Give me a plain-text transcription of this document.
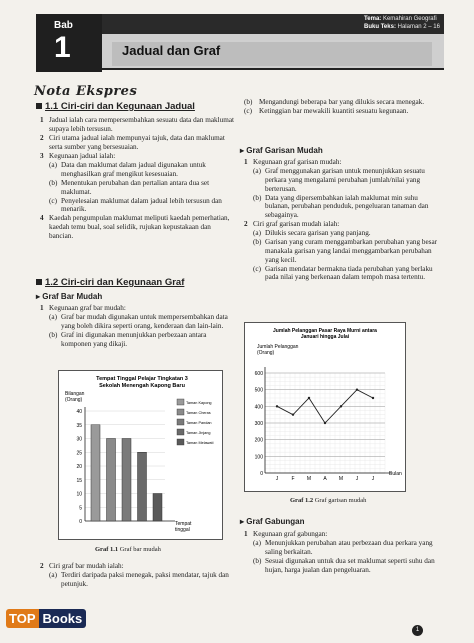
Bab
1
Tema: Kemahiran Geografi
Buku Teks: Halaman 2 – 16
Jadual dan Graf
Nota Ekspres
1.1 Ciri-ciri dan Kegunaan Jadual
1 Jadual ialah cara mempersembahkan sesuatu data dan maklumat supaya lebih tersusun.
2 Ciri utama jadual ialah mempunyai tajuk, data dan maklumat serta sumber yang bersesuaian.
3 Kegunaan jadual ialah:
(a) Data dan maklumat dalam jadual digunakan untuk menghasilkan graf mengikut kesesuaian.
(b) Menentukan perubahan dan pertalian antara dua set maklumat.
(c) Penyelesaian maklumat dalam jadual lebih tersusun dan menarik.
4 Kaedah pengumpulan maklumat meliputi kaedah pemerhatian, kaedah temu bual, soal selidik, rujukan kepustakaan dan bancian.
1.2 Ciri-ciri dan Kegunaan Graf
▸ Graf Bar Mudah
1 Kegunaan graf bar mudah:
(a) Graf bar mudah digunakan untuk mempersembahkan data yang boleh dikira seperti orang, kenderaan dan lain-lain.
(b) Graf ini digunakan menunjukkan perbezaan antara komponen yang dikaji.
Tempat Tinggal Pelajar Tingkatan 3
Sekolah Menengah Kapong Baru
Bilangan
(Orang)
0
5
10
15
20
25
30
35
40
Taman Kapong
Taman Cheras
Taman Pandan
Taman Jinjang
Taman Melawati
Tempat
tinggal
Graf 1.1 Graf bar mudah
2 Ciri graf bar mudah ialah:
(a) Terdiri daripada paksi menegak, paksi mendatar, tajuk dan petunjuk.
(b) Mengandungi beberapa bar yang dilukis secara menegak.
(c) Ketinggian bar mewakili kuantiti sesuatu kegunaan.
▸ Graf Garisan Mudah
1 Kegunaan graf garisan mudah:
(a) Graf menggunakan garisan untuk menunjukkan sesuatu perkara yang mengalami perubahan jumlah/nilai yang berterusan.
(b) Data yang dipersembahkan ialah maklumat min suhu bulanan, perubahan penduduk, pengeluaran tanaman dan sebagainya.
2 Ciri graf garisan mudah ialah:
(a) Dilukis secara garisan yang panjang.
(b) Garisan yang curam menggambarkan perubahan yang besar manakala garisan yang landai menggambarkan perubahan yang kecil.
(c) Garisan mendatar bermakna tiada perubahan yang berlaku pada nilai yang berkenaan dalam tempoh masa tertentu.
Jumlah Pelanggan Pasar Raya Murni antara
Januari hingga Julai
Jumlah Pelanggan
(Orang)
0
100
200
300
400
500
600
J	F M A M	J	J
Bulan
Graf 1.2 Graf garisan mudah
▸ Graf Gabungan
1 Kegunaan graf gabungan:
(a) Menunjukkan perubahan atau perbezaan dua perkara yang saling berkaitan.
(b) Sesuai digunakan untuk dua set maklumat seperti suhu dan hujan, harga jualan dan pengeluaran.
TOP Books
1
